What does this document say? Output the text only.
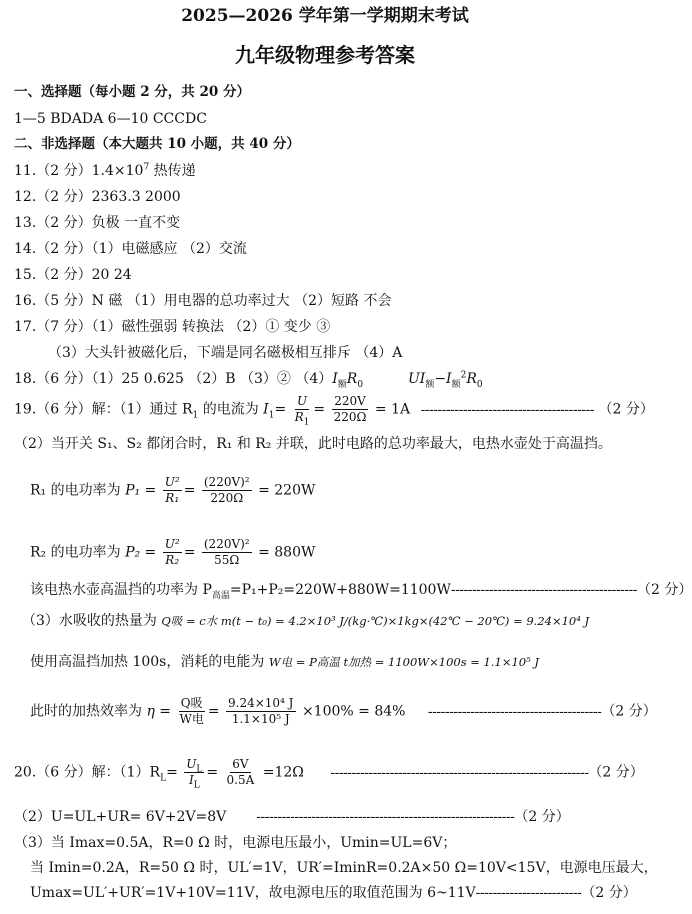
2025—2026 学年第一学期期末考试
九年级物理参考答案
一、选择题（每小题 2 分，共 20 分）
1—5 BDADA 6—10 CCCDC
二、非选择题（本大题共 10 小题，共 40 分）
11.（2 分）$1.4\times 10^7$ 热传递
12.（2 分）2363.3 2000
13.（2 分）负极 一直不变
14.（2 分）（1）电磁感应 （2）交流
15.（2 分）20 24
16.（5 分）N 磁 （1）用电器的总功率过大 （2）短路 不会
17.（7 分）（1）磁性强弱 转换法 （2）① 变少 ③
（3）大头针被磁化后，下端是同名磁极相互排斥 （4）A
18.（6 分）（1）25 0.625 （2）B （3）② $(4)I_额R_0$	$UI_额-I_额^2R_0$
19.（6 分）解：（1）通过 $R_1$ 的电流为 $I_1= \frac{U}{R_1} = \frac{220V}{220\Omega} = 1A$ ----------------------------------------- （2 分）
（2）当开关 S₁、S₂ 都闭合时，R₁ 和 R₂ 并联，此时电路的总功率最大，电热水壶处于高温挡。
R₁ 的电功率为 $P_1 = \frac{\text{U²}}{\text{R₁}} = \frac{\text{(220V)²}}{220\Omega} = 220W$
R₂ 的电功率为 $P_2 = \frac{\text{U²}}{\text{R₂}} = \frac{\text{(220V)²}}{55\Omega} = 880W$
该电热水壶高温挡的功率为 $P_{高温}=P_1+P_2=220W+880W=1100W--------------------------------------------(2$ 分）
（3）水吸收的热量为 Q吸 = c水 m(t − t₀) = 4.2×10³ J/(kg·℃)×1kg×(42℃ − 20℃) = 9.24×10⁴ J
使用高温挡加热 100s，消耗的电能为 W电 = P高温 t加热 = 1100W×100s = 1.1×10⁵ J
此时的加热效率为 $\eta = \frac{\text{Q吸}}{\text{W电}} = \frac{\text{9.24×10⁴ J}}{\text{1.1×10⁵ J}} \times 100\% = 84\%$ -----------------------------------------（2 分）
20.（6 分）解：$(1)R_L= \frac{U_L}{I_L} = \frac{6V}{0.5A} =12\Omega$ -------------------------------------------------------------（2 分）
（2）U=UL+UR= 6V+2V=8V -------------------------------------------------------------（2 分）
（3）当 Imax=0.5A，R=0 Ω 时，电源电压最小，Umin=UL=6V；
当 Imin=0.2A，R=50 Ω 时，UL′=1V，UR′=IminR=0.2A×50 Ω=10V<15V，电源电压最大，
Umax=UL′+UR′=1V+10V=11V，故电源电压的取值范围为 6~11V-------------------------（2 分）
